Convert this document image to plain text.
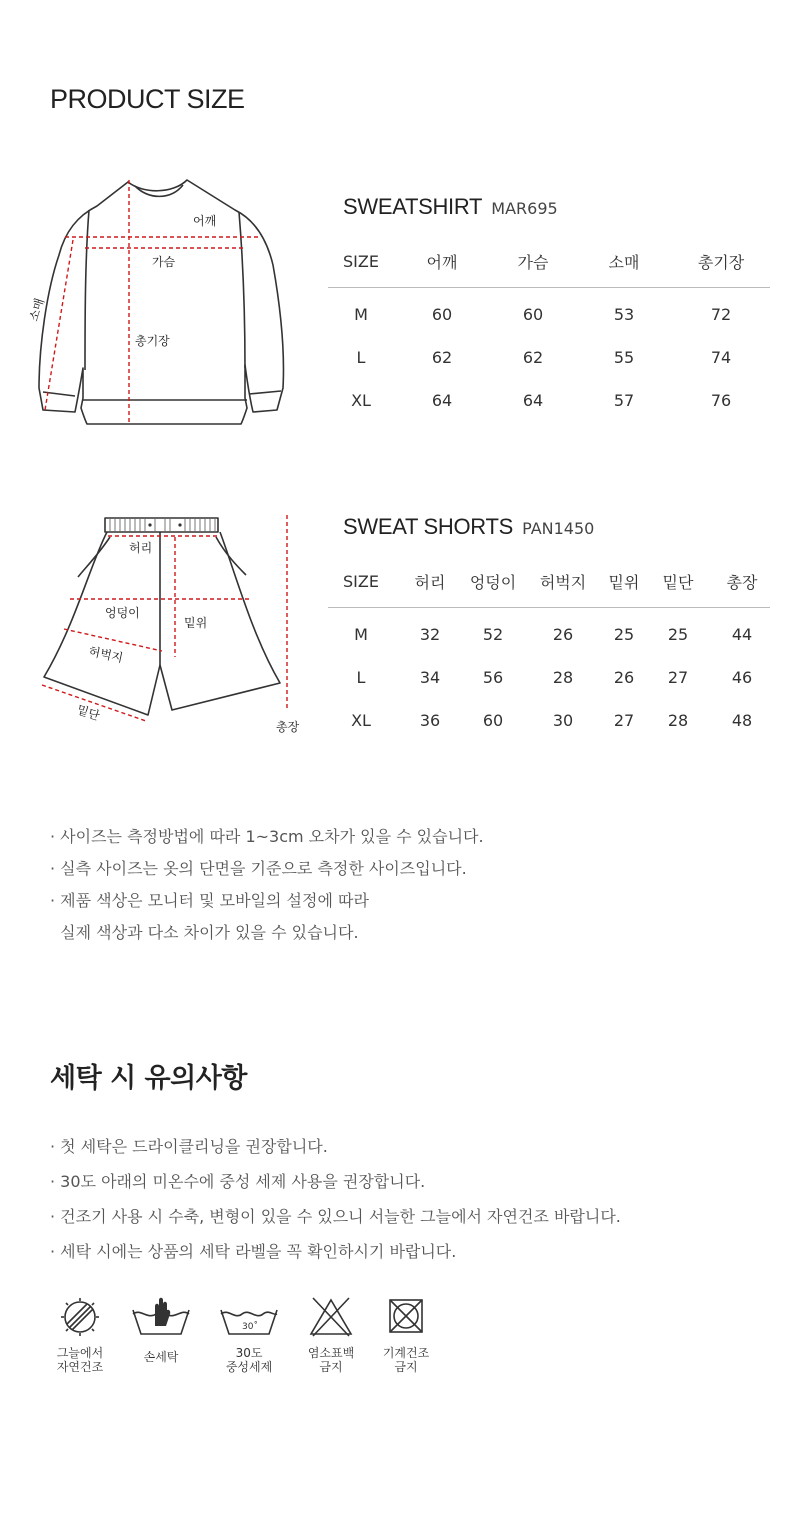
PRODUCT SIZE
어깨
가슴
총기장
소매
SWEATSHIRT MAR695
SIZE	어깨	가슴	소매	총기장
M	60	60	53	72
L	62	62	55	74
XL	64	64	57	76
허리
엉덩이
밑위
허벅지
밑단
총장
SWEAT SHORTS PAN1450
SIZE	허리	엉덩이	허벅지	밑위	밑단	총장
M	32	52	26	25	25	44
L	34	56	28	26	27	46
XL	36	60	30	27	28	48
· 사이즈는 측정방법에 따라 1~3cm 오차가 있을 수 있습니다.
· 실측 사이즈는 옷의 단면을 기준으로 측정한 사이즈입니다.
· 제품 색상은 모니터 및 모바일의 설정에 따라
실제 색상과 다소 차이가 있을 수 있습니다.
세탁 시 유의사항
· 첫 세탁은 드라이클리닝을 권장합니다.
· 30도 아래의 미온수에 중성 세제 사용을 권장합니다.
· 건조기 사용 시 수축, 변형이 있을 수 있으니 서늘한 그늘에서 자연건조 바랍니다.
· 세탁 시에는 상품의 세탁 라벨을 꼭 확인하시기 바랍니다.
그늘에서
자연건조
손세탁
30˚
30도
중성세제
염소표백
금지
기계건조
금지
